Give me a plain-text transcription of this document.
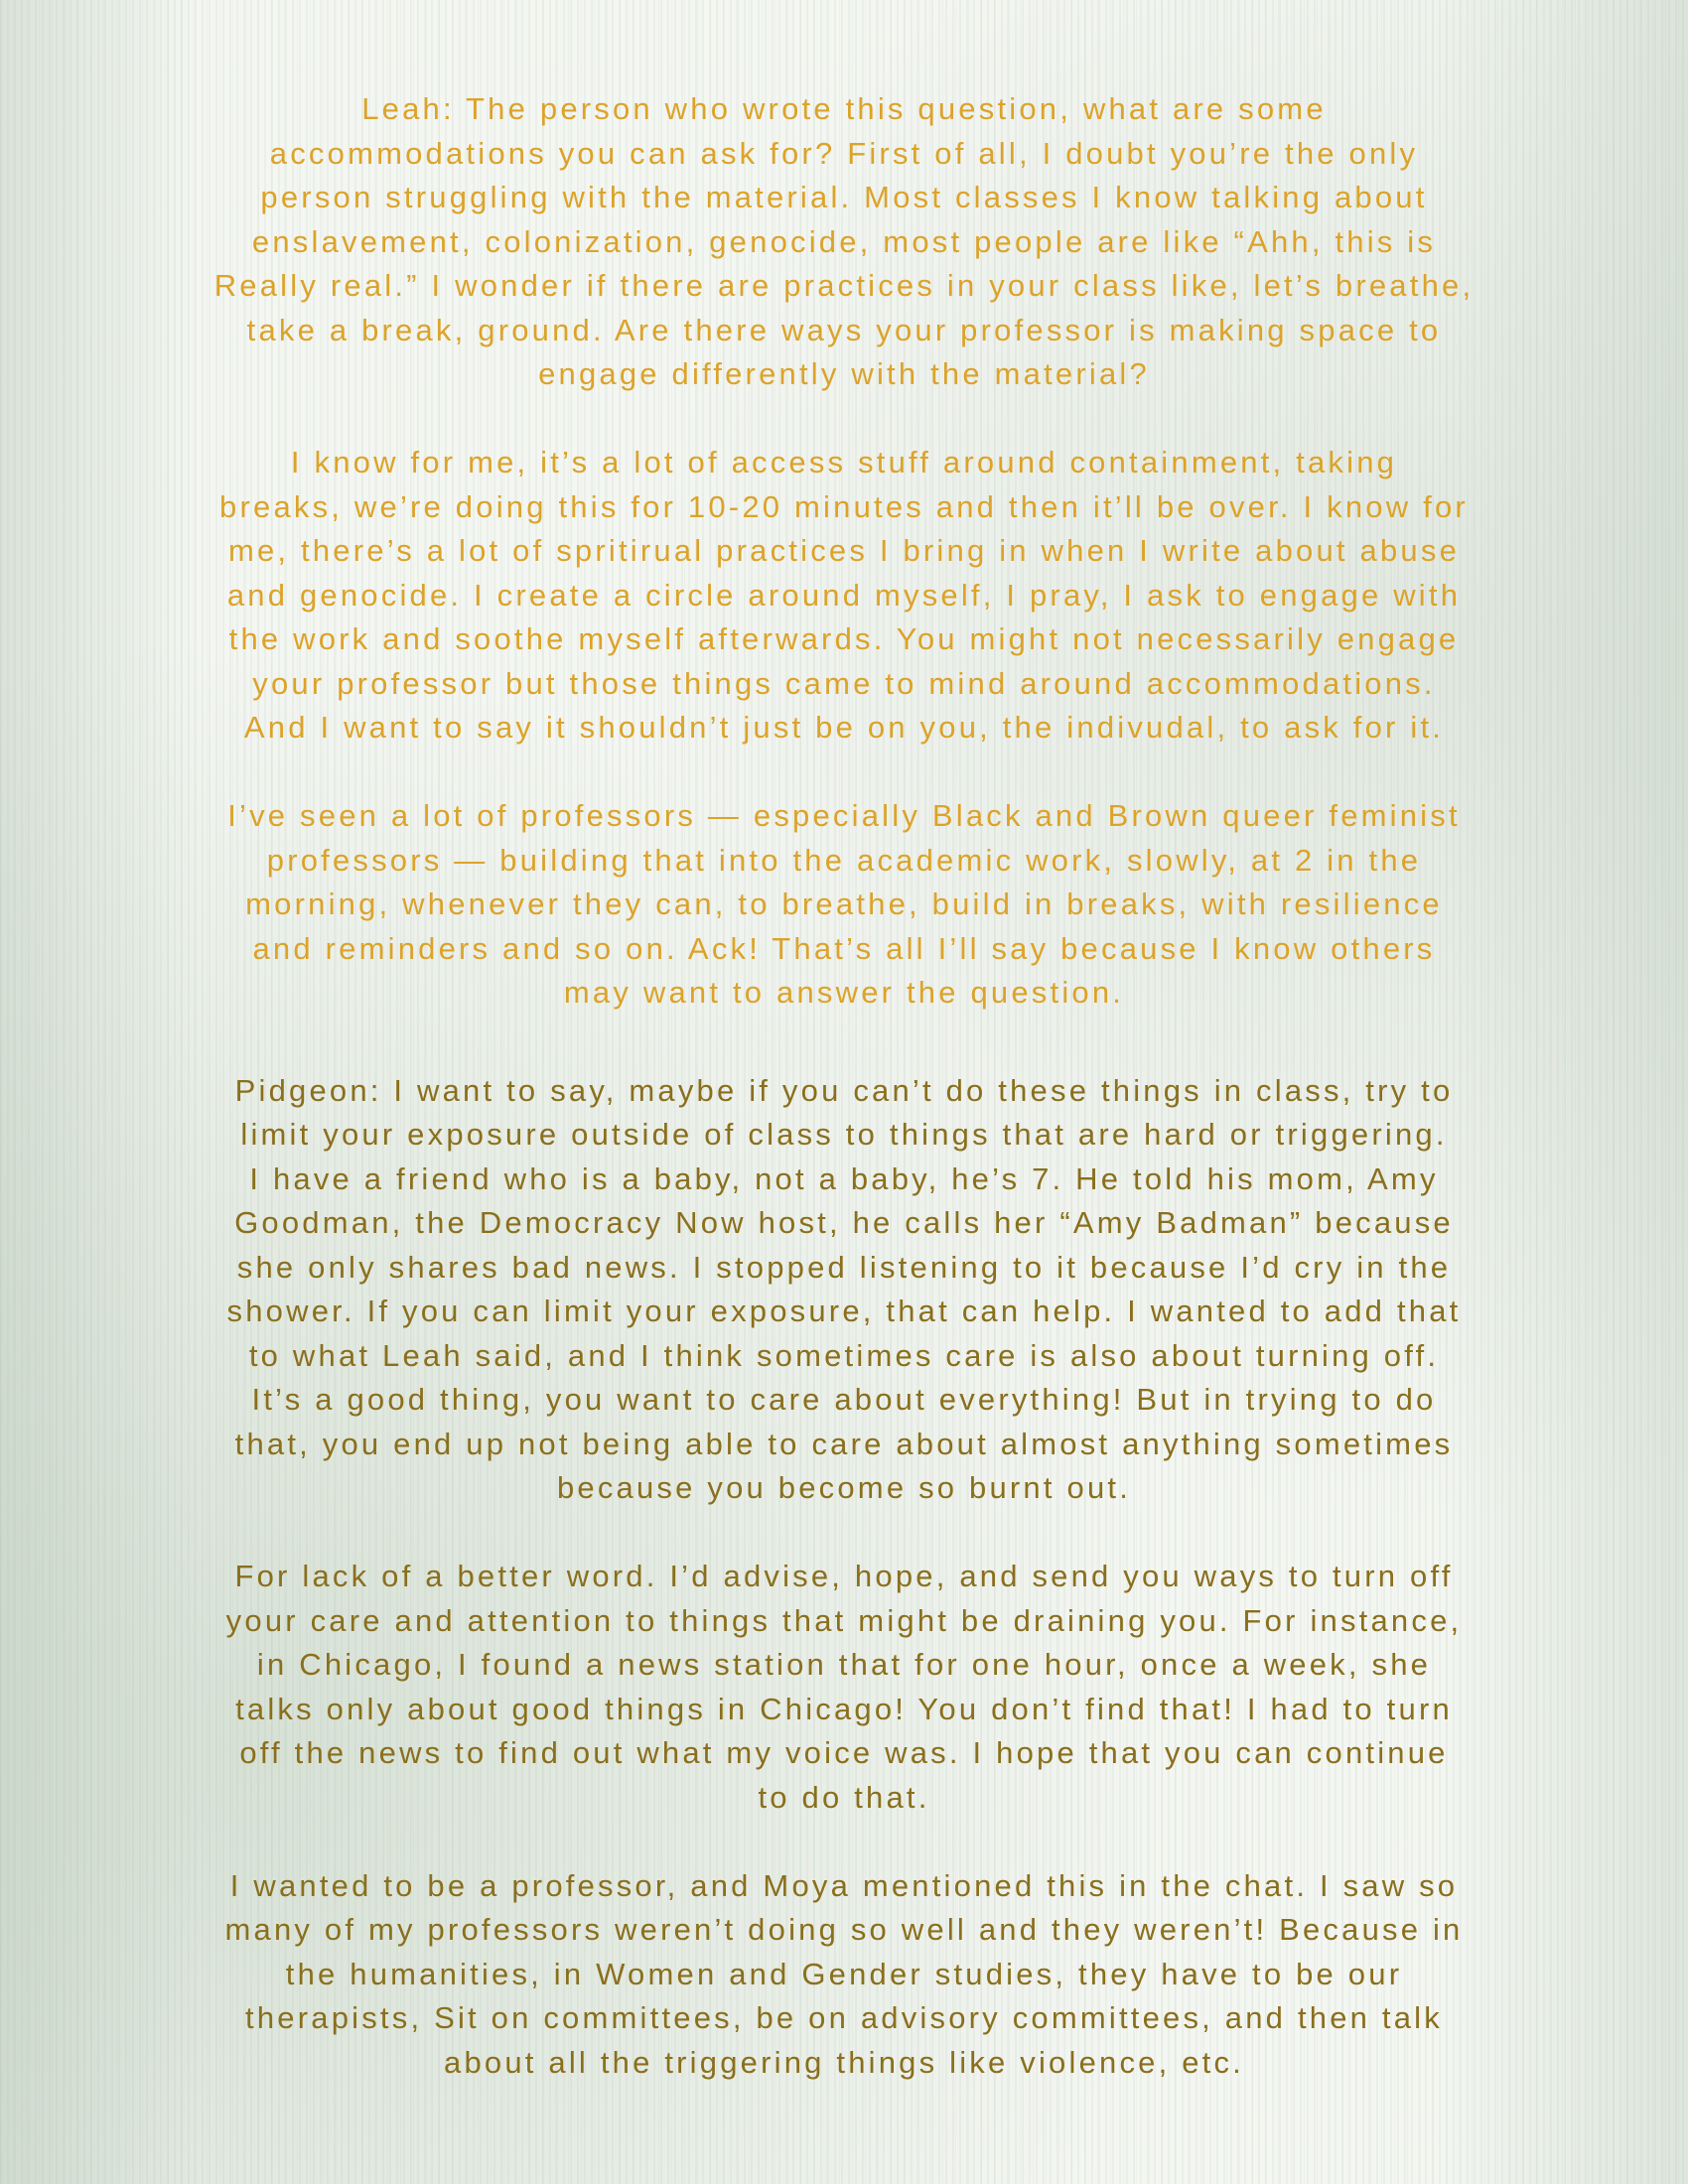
Leah: The person who wrote this question, what are some
accommodations you can ask for? First of all, I doubt you’re the only
person struggling with the material. Most classes I know talking about
enslavement, colonization, genocide, most people are like “Ahh, this is
Really real.” I wonder if there are practices in your class like, let’s breathe,
take a break, ground. Are there ways your professor is making space to
engage differently with the material?

I know for me, it’s a lot of access stuff around containment, taking
breaks, we’re doing this for 10-20 minutes and then it’ll be over. I know for
me, there’s a lot of spritirual practices I bring in when I write about abuse
and genocide. I create a circle around myself, I pray, I ask to engage with
the work and soothe myself afterwards. You might not necessarily engage
your professor but those things came to mind around accommodations.
And I want to say it shouldn’t just be on you, the indivudal, to ask for it.

I’ve seen a lot of professors — especially Black and Brown queer feminist
professors — building that into the academic work, slowly, at 2 in the
morning, whenever they can, to breathe, build in breaks, with resilience
and reminders and so on. Ack! That’s all I’ll say because I know others
may want to answer the question.

Pidgeon: I want to say, maybe if you can’t do these things in class, try to
limit your exposure outside of class to things that are hard or triggering.
I have a friend who is a baby, not a baby, he’s 7. He told his mom, Amy
Goodman, the Democracy Now host, he calls her “Amy Badman” because
she only shares bad news. I stopped listening to it because I’d cry in the
shower. If you can limit your exposure, that can help. I wanted to add that
to what Leah said, and I think sometimes care is also about turning off.
It’s a good thing, you want to care about everything! But in trying to do
that, you end up not being able to care about almost anything sometimes
because you become so burnt out.

For lack of a better word. I’d advise, hope, and send you ways to turn off
your care and attention to things that might be draining you. For instance,
in Chicago, I found a news station that for one hour, once a week, she
talks only about good things in Chicago! You don’t find that! I had to turn
off the news to find out what my voice was. I hope that you can continue
to do that.

I wanted to be a professor, and Moya mentioned this in the chat. I saw so
many of my professors weren’t doing so well and they weren’t! Because in
the humanities, in Women and Gender studies, they have to be our
therapists, Sit on committees, be on advisory committees, and then talk
about all the triggering things like violence, etc.
